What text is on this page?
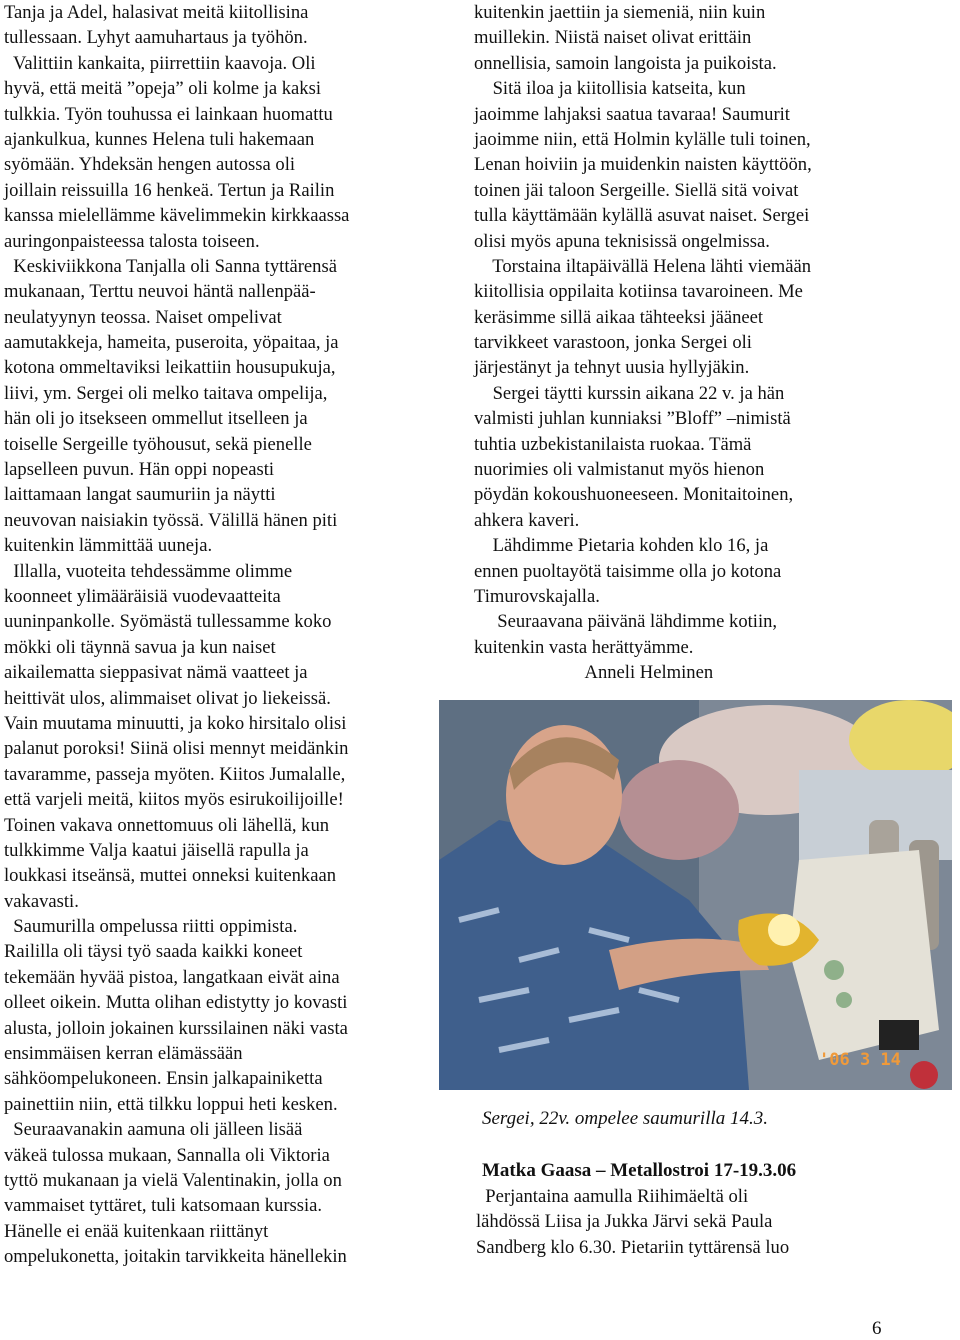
Tanja ja Adel, halasivat meitä kiitollisina
tullessaan. Lyhyt aamuhartaus ja työhön.
Valittiin kankaita, piirrettiin kaavoja. Oli
hyvä, että meitä ”opeja” oli kolme ja kaksi
tulkkia. Työn touhussa ei lainkaan huomattu
ajankulkua, kunnes Helena tuli hakemaan
syömään. Yhdeksän hengen autossa oli
joillain reissuilla 16 henkeä. Tertun ja Railin
kanssa mielellämme kävelimmekin kirkkaassa
auringonpaisteessa talosta toiseen.
Keskiviikkona Tanjalla oli Sanna tyttärensä
mukanaan, Terttu neuvoi häntä nallenpää-
neulatyynyn teossa. Naiset ompelivat
aamutakkeja, hameita, puseroita, yöpaitaa, ja
kotona ommeltaviksi leikattiin housupukuja,
liivi, ym. Sergei oli melko taitava ompelija,
hän oli jo itsekseen ommellut itselleen ja
toiselle Sergeille työhousut, sekä pienelle
lapselleen puvun. Hän oppi nopeasti
laittamaan langat saumuriin ja näytti
neuvovan naisiakin työssä. Välillä hänen piti
kuitenkin lämmittää uuneja.
Illalla, vuoteita tehdessämme olimme
koonneet ylimääräisiä vuodevaatteita
uuninpankolle. Syömästä tullessamme koko
mökki oli täynnä savua ja kun naiset
aikailematta sieppasivat nämä vaatteet ja
heittivät ulos, alimmaiset olivat jo liekeissä.
Vain muutama minuutti, ja koko hirsitalo olisi
palanut poroksi! Siinä olisi mennyt meidänkin
tavaramme, passeja myöten. Kiitos Jumalalle,
että varjeli meitä, kiitos myös esirukoilijoille!
Toinen vakava onnettomuus oli lähellä, kun
tulkkimme Valja kaatui jäisellä rapulla ja
loukkasi itseänsä, muttei onneksi kuitenkaan
vakavasti.
Saumurilla ompelussa riitti oppimista.
Raililla oli täysi työ saada kaikki koneet
tekemään hyvää pistoa, langatkaan eivät aina
olleet oikein. Mutta olihan edistytty jo kovasti
alusta, jolloin jokainen kurssilainen näki vasta
ensimmäisen kerran elämässään
sähköompelukoneen. Ensin jalkapainiketta
painettiin niin, että tilkku loppui heti kesken.
Seuraavanakin aamuna oli jälleen lisää
väkeä tulossa mukaan, Sannalla oli Viktoria
tyttö mukanaan ja vielä Valentinakin, jolla on
vammaiset tyttäret, tuli katsomaan kurssia.
Hänelle ei enää kuitenkaan riittänyt
ompelukonetta, joitakin tarvikkeita hänellekin
kuitenkin jaettiin ja siemeniä, niin kuin
muillekin. Niistä naiset olivat erittäin
onnellisia, samoin langoista ja puikoista.
Sitä iloa ja kiitollisia katseita, kun
jaoimme lahjaksi saatua tavaraa! Saumurit
jaoimme niin, että Holmin kylälle tuli toinen,
Lenan hoiviin ja muidenkin naisten käyttöön,
toinen jäi taloon Sergeille. Siellä sitä voivat
tulla käyttämään kylällä asuvat naiset. Sergei
olisi myös apuna teknisissä ongelmissa.
Torstaina iltapäivällä Helena lähti viemään
kiitollisia oppilaita kotiinsa tavaroineen. Me
keräsimme sillä aikaa tähteeksi jääneet
tarvikkeet varastoon, jonka Sergei oli
järjestänyt ja tehnyt uusia hyllyjäkin.
Sergei täytti kurssin aikana 22 v. ja hän
valmisti juhlan kunniaksi ”Bloff” –nimistä
tuhtia uzbekistanilaista ruokaa. Tämä
nuorimies oli valmistanut myös hienon
pöydän kokoushuoneeseen. Monitaitoinen,
ahkera kaveri.
Lähdimme Pietaria kohden klo 16, ja
ennen puoltayötä taisimme olla jo kotona
Timurovskajalla.
Seuraavana päivänä lähdimme kotiin,
kuitenkin vasta herättyämme.
Anneli Helminen
'06 3 14
Sergei, 22v. ompelee saumurilla 14.3.
Matka Gaasa – Metallostroi 17-19.3.06
Perjantaina aamulla Riihimäeltä oli
lähdössä Liisa ja Jukka Järvi sekä Paula
Sandberg klo 6.30. Pietariin tyttärensä luo
6
